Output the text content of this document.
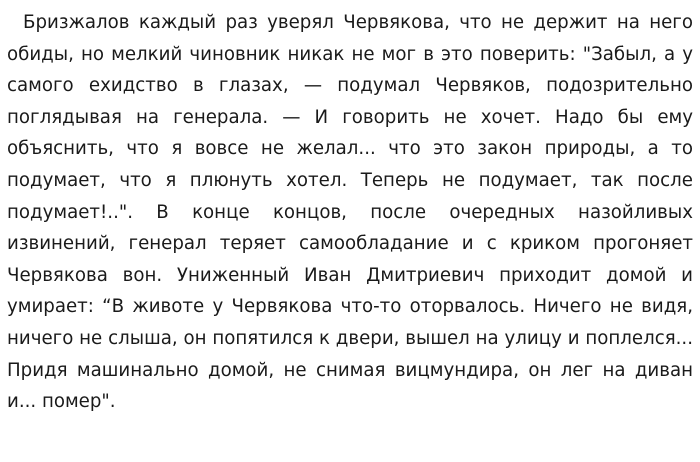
Бризжалов каждый раз уверял Червякова, что не держит на него обиды, но мелкий чиновник никак не мог в это поверить: "Забыл, а у самого ехидство в глазах, — подумал Червяков, подозрительно поглядывая на генерала. — И говорить не хочет. Надо бы ему объяснить, что я вовсе не желал... что это закон природы, а то подумает, что я плюнуть хотел. Теперь не подумает, так после подумает!..". В конце концов, после очередных назойливых извинений, генерал теряет самообладание и с криком прогоняет Червякова вон. Униженный Иван Дмитриевич приходит домой и умирает: “В животе у Червякова что-то оторвалось. Ничего не видя, ничего не слыша, он попятился к двери, вышел на улицу и поплелся... Придя машинально домой, не снимая вицмундира, он лег на диван и... помер".
